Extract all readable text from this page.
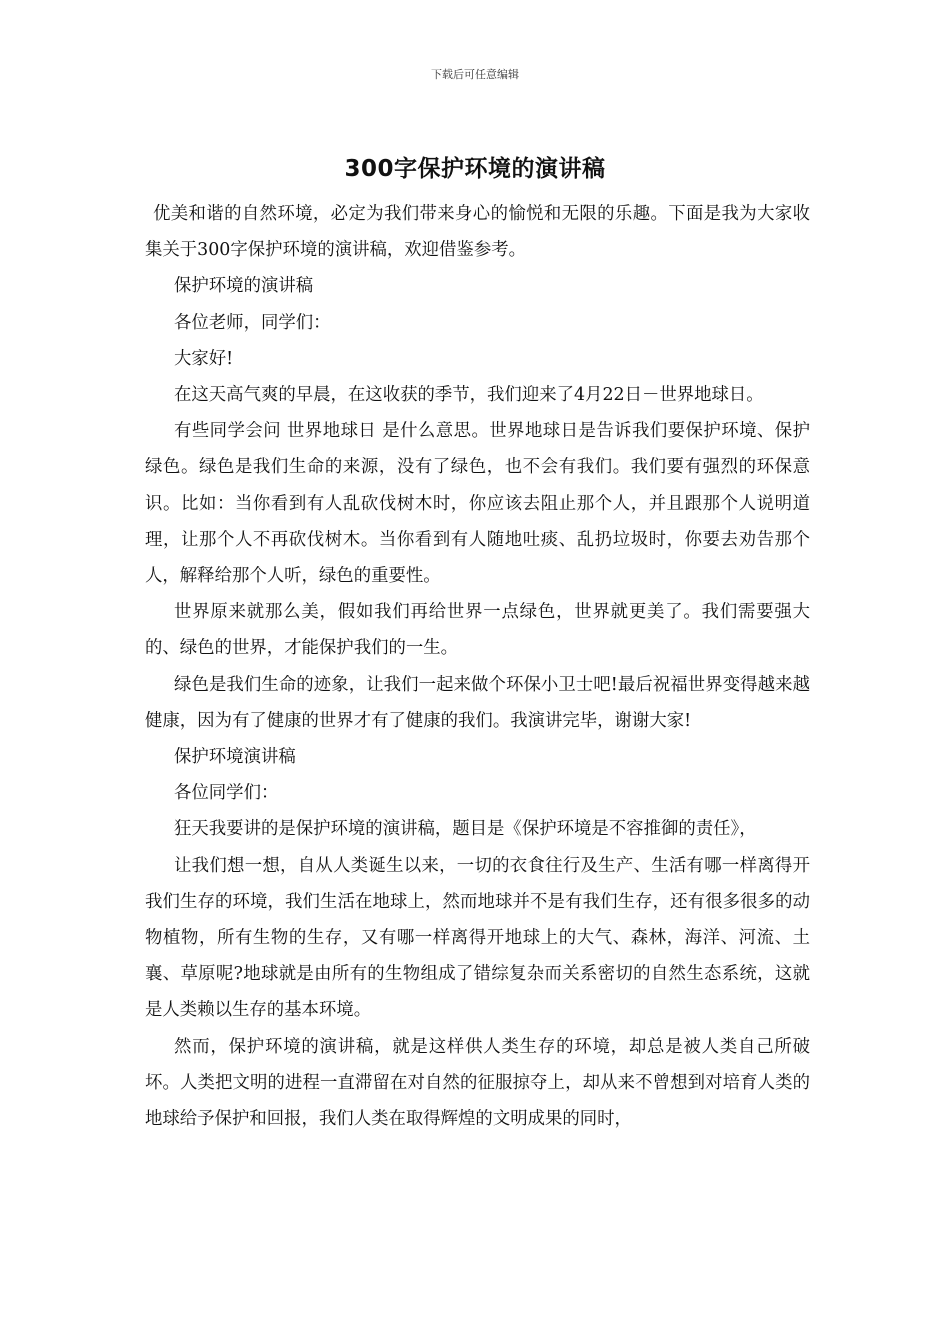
下载后可任意编辑
300字保护环境的演讲稿

优美和谐的自然环境，必定为我们带来身心的愉悦和无限的乐趣。下面是我为大家收集关于300字保护环境的演讲稿，欢迎借鉴参考。

保护环境的演讲稿

各位老师，同学们：

大家好!

在这天高气爽的早晨，在这收获的季节，我们迎来了4月22日－世界地球日。

有些同学会问 世界地球日 是什么意思。世界地球日是告诉我们要保护环境、保护绿色。绿色是我们生命的来源，没有了绿色，也不会有我们。我们要有强烈的环保意识。比如：当你看到有人乱砍伐树木时，你应该去阻止那个人，并且跟那个人说明道理，让那个人不再砍伐树木。当你看到有人随地吐痰、乱扔垃圾时，你要去劝告那个人，解释给那个人听，绿色的重要性。

世界原来就那么美，假如我们再给世界一点绿色，世界就更美了。我们需要强大的、绿色的世界，才能保护我们的一生。

绿色是我们生命的迹象，让我们一起来做个环保小卫士吧!最后祝福世界变得越来越健康，因为有了健康的世界才有了健康的我们。我演讲完毕，谢谢大家!

保护环境演讲稿

各位同学们：

狂天我要讲的是保护环境的演讲稿，题目是《保护环境是不容推御的责任》，

让我们想一想，自从人类诞生以来，一切的衣食往行及生产、生活有哪一样离得开我们生存的环境，我们生活在地球上，然而地球并不是有我们生存，还有很多很多的动物植物，所有生物的生存，又有哪一样离得开地球上的大气、森林，海洋、河流、土襄、草原呢?地球就是由所有的生物组成了错综复杂而关系密切的自然生态系统，这就是人类赖以生存的基本环境。

然而，保护环境的演讲稿，就是这样供人类生存的环境，却总是被人类自己所破坏。人类把文明的进程一直滞留在对自然的征服掠夺上，却从来不曾想到对培育人类的地球给予保护和回报，我们人类在取得辉煌的文明成果的同时，
